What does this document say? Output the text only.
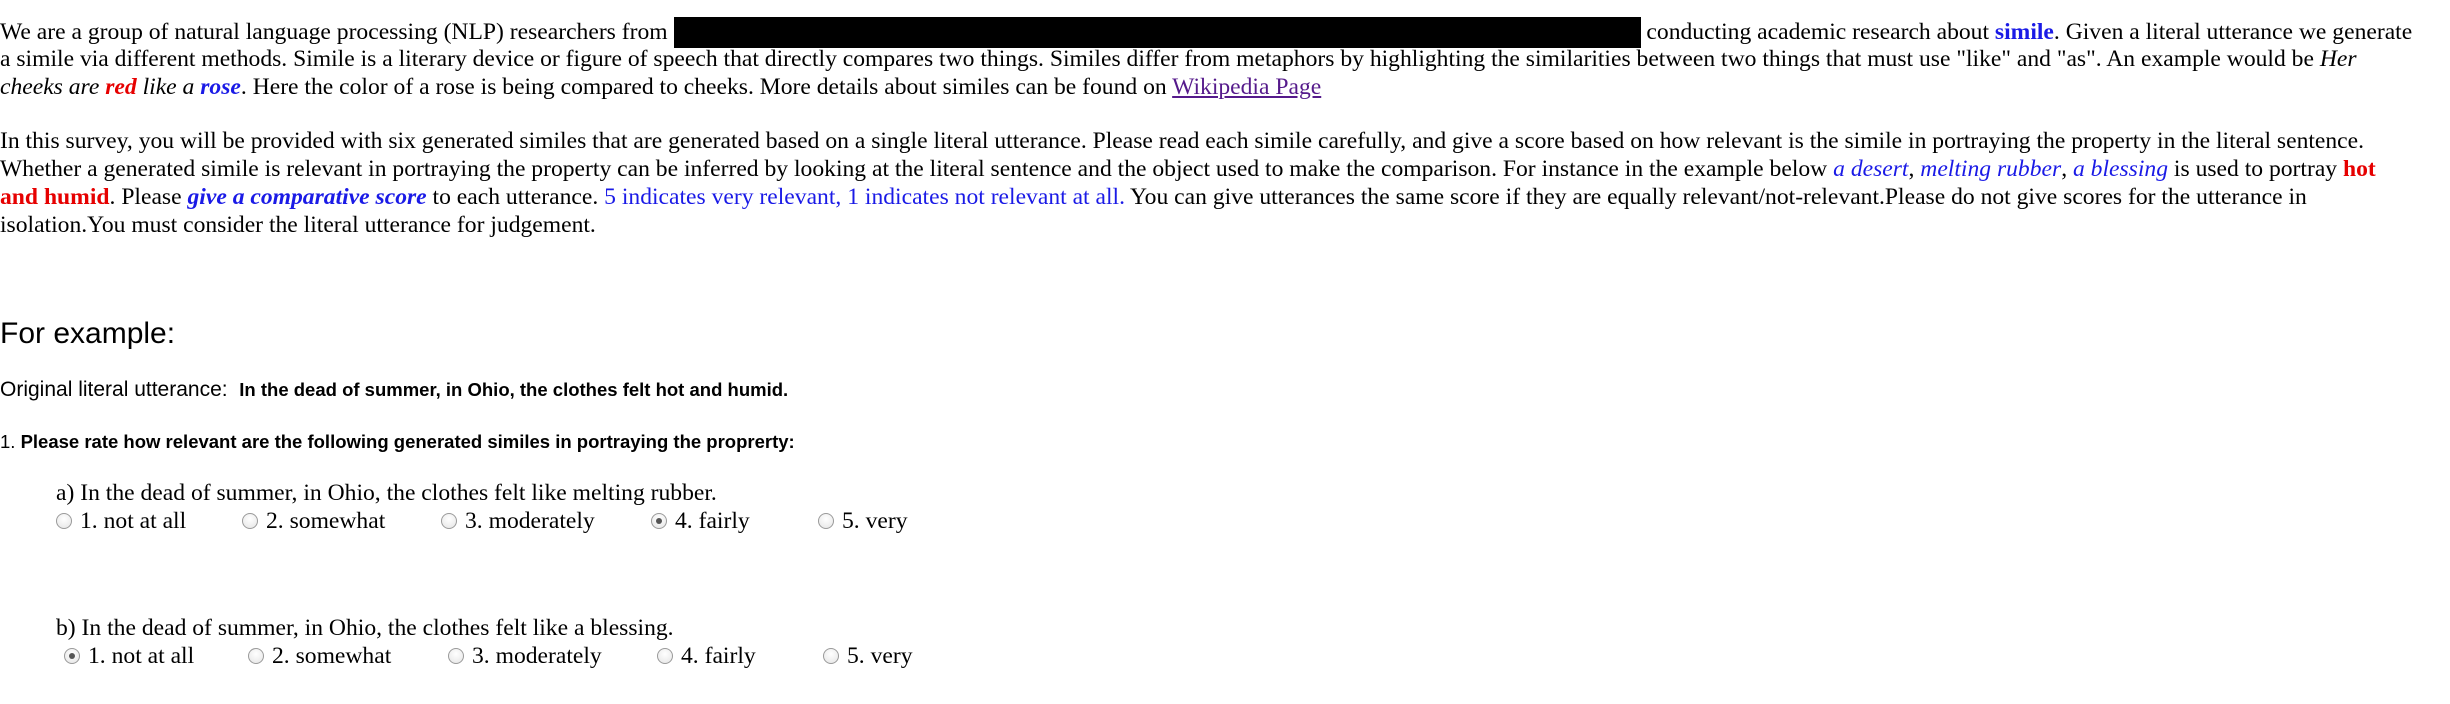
We are a group of natural language processing (NLP) researchers from	conducting academic research about simile. Given a literal utterance we generate
a simile via different methods. Simile is a literary device or figure of speech that directly compares two things. Similes differ from metaphors by highlighting the similarities between two things that must use "like" and "as". An example would be Her
cheeks are red like a rose. Here the color of a rose is being compared to cheeks. More details about similes can be found on Wikipedia Page
In this survey, you will be provided with six generated similes that are generated based on a single literal utterance. Please read each simile carefully, and give a score based on how relevant is the simile in portraying the property in the literal sentence.
Whether a generated simile is relevant in portraying the property can be inferred by looking at the literal sentence and the object used to make the comparison. For instance in the example below a desert, melting rubber, a blessing is used to portray hot
and humid. Please give a comparative score to each utterance. 5 indicates very relevant, 1 indicates not relevant at all. You can give utterances the same score if they are equally relevant/not-relevant.Please do not give scores for the utterance in
isolation.You must consider the literal utterance for judgement.
For example:
Original literal utterance: In the dead of summer, in Ohio, the clothes felt hot and humid.
1. Please rate how relevant are the following generated similes in portraying the proprerty:
a) In the dead of summer, in Ohio, the clothes felt like melting rubber.
1. not at all	2. somewhat	3. moderately	4. fairly	5. very
b) In the dead of summer, in Ohio, the clothes felt like a blessing.
1. not at all	2. somewhat	3. moderately	4. fairly	5. very
